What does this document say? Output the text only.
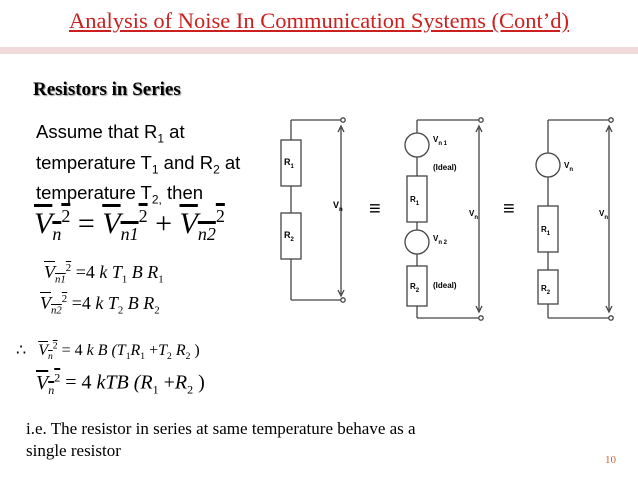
Analysis of Noise In Communication Systems (Cont’d)
Resistors in Series
Assume that $R_1$ at
temperature $T_1$ and $R_2$ at
temperature $T_{2,}$ then
$V_n^2 = V_{n1}^2 + V_{n2}^2$
$V_{n1}^2 =4$ k $T_1$ B $R_1$
$V_{n2}^2 =4$ k $T_2$ B $R_2$
∴ $V_n^2 = 4$ k B ($T_1R_1 +T_2$ $R_2$ )
$V_n^2 = 4$ kTB ($R_1 +R_2$ )
$R_1$
$R_2$
$V_n$ ≡
$V_{n 1}$
(Ideal)
$R_1$
$V_{n 2}$
(Ideal)
$R_2$
$V_n$ ≡
$V_n$
$R_1$
$R_2$
$V_n$
i.e. The resistor in series at same temperature behave as a
single resistor	10
